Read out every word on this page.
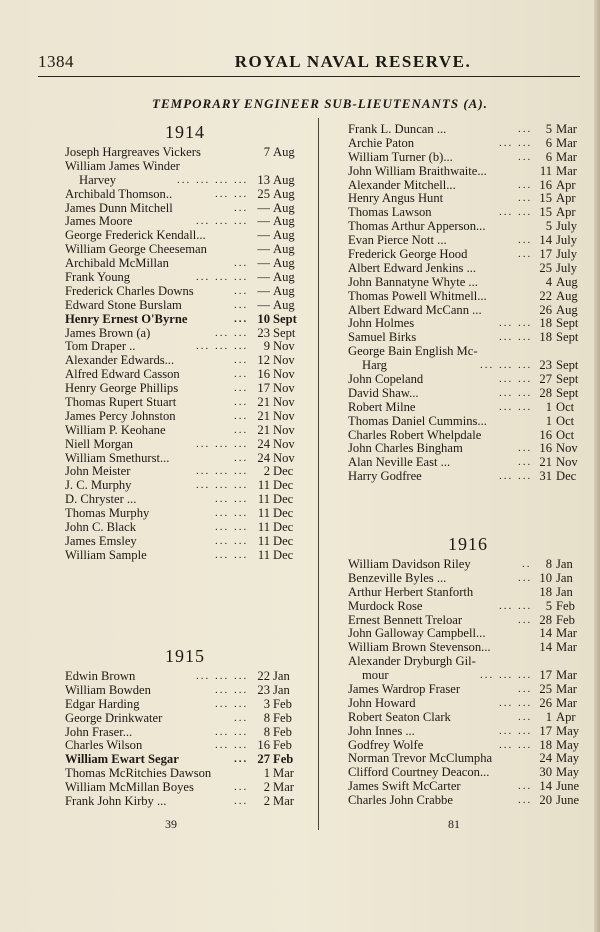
1384	ROYAL NAVAL RESERVE.
TEMPORARY ENGINEER SUB-LIEUTENANTS (A).
1914
Joseph Hargreaves Vickers	7 Aug
William James Winder
Harvey	... ... ... ... 13 Aug
Archibald Thomson..	... ... 25 Aug
James Dunn Mitchell	... — Aug
James Moore	... ... ... — Aug
George Frederick Kendall...	— Aug
William George Cheeseman	— Aug
Archibald McMillan	... — Aug
Frank Young	... ... ... — Aug
Frederick Charles Downs	... — Aug
Edward Stone Burslam	... — Aug
Henry Ernest O'Byrne	... 10 Sept
James Brown (a)	... ... 23 Sept
Tom Draper ..	... ... ...	9 Nov
Alexander Edwards...	... 12 Nov
Alfred Edward Casson	... 16 Nov
Henry George Phillips	... 17 Nov
Thomas Rupert Stuart	... 21 Nov
James Percy Johnston	... 21 Nov
William P. Keohane	... 21 Nov
Niell Morgan	... ... ... 24 Nov
William Smethurst...	... 24 Nov
John Meister	... ... ...	2 Dec
J. C. Murphy	... ... ... 11 Dec
D. Chryster ...	... ... 11 Dec
Thomas Murphy	... ... 11 Dec
John C. Black	... ... 11 Dec
James Emsley	... ... 11 Dec
William Sample	... ... 11 Dec
1915
Edwin Brown	... ... ... 22 Jan
William Bowden	... ... 23 Jan
Edgar Harding	... ...	3 Feb
George Drinkwater	...	8 Feb
John Fraser...	... ...	8 Feb
Charles Wilson	... ... 16 Feb
William Ewart Segar	... 27 Feb
Thomas McRitchies Dawson	1 Mar
William McMillan Boyes	...	2 Mar
Frank John Kirby ...	...	2 Mar
Frank L. Duncan ...	...	5 Mar
Archie Paton	... ...	6 Mar
William Turner (b)...	...	6 Mar
John William Braithwaite...	11 Mar
Alexander Mitchell...	... 16 Apr
Henry Angus Hunt	... 15 Apr
Thomas Lawson	... ... 15 Apr
Thomas Arthur Apperson...	5 July
Evan Pierce Nott ...	... 14 July
Frederick George Hood	... 17 July
Albert Edward Jenkins ...	25 July
John Bannatyne Whyte ...	4 Aug
Thomas Powell Whitmell...	22 Aug
Albert Edward McCann ...	26 Aug
John Holmes	... ... 18 Sept
Samuel Birks	... ... 18 Sept
George Bain English Mc-
Harg	... ... ... 23 Sept
John Copeland	... ... 27 Sept
David Shaw...	... ... 28 Sept
Robert Milne	... ...	1 Oct
Thomas Daniel Cummins...	1 Oct
Charles Robert Whelpdale	16 Oct
John Charles Bingham	... 16 Nov
Alan Neville East ...	... 21 Nov
Harry Godfree	... ... 31 Dec
1916
William Davidson Riley	..	8 Jan
Benzeville Byles ...	... 10 Jan
Arthur Herbert Stanforth	18 Jan
Murdock Rose	... ...	5 Feb
Ernest Bennett Treloar	... 28 Feb
John Galloway Campbell...	14 Mar
William Brown Stevenson...	14 Mar
Alexander Dryburgh Gil-
mour	... ... ... 17 Mar
James Wardrop Fraser	... 25 Mar
John Howard	... ... 26 Mar
Robert Seaton Clark	...	1 Apr
John Innes ...	... ... 17 May
Godfrey Wolfe	... ... 18 May
Norman Trevor McClumpha	24 May
Clifford Courtney Deacon...	30 May
James Swift McCarter	... 14 June
Charles John Crabbe	... 20 June
39	81
